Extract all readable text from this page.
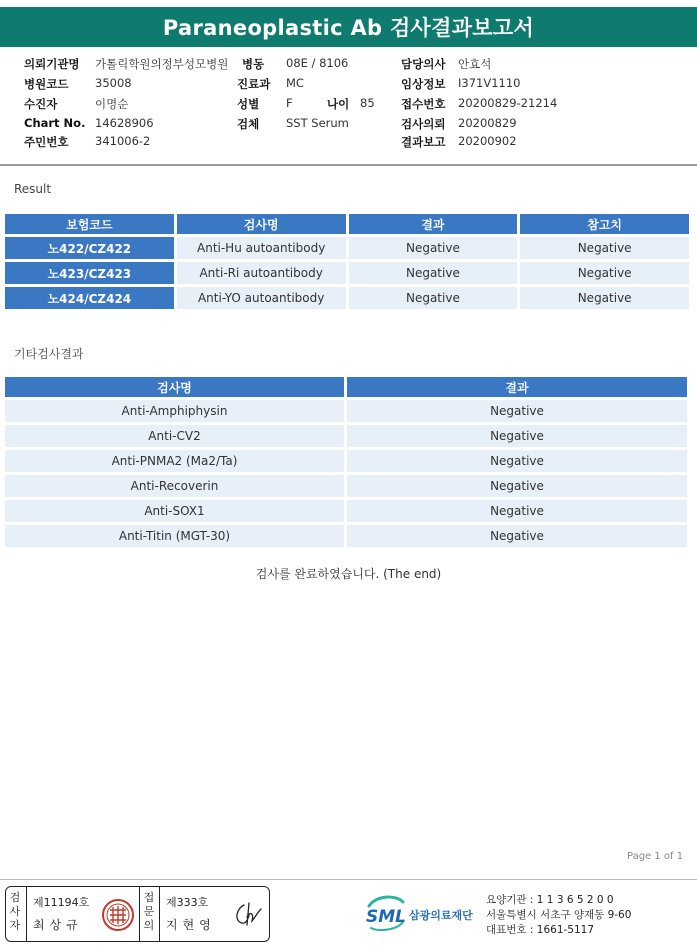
Paraneoplastic Ab 검사결과보고서
의뢰기관명 가톨릭학원의정부성모병원 병동 08E / 8106	담당의사 안효석
병원코드 35008	진료과 MC	임상정보 I371V1110
수진자	이명순	성별 F	나이 85 접수번호 20200829-21214
Chart No. 14628906	검체 SST Serum	검사의뢰 20200829
주민번호 341006-2	결과보고 20200902
Result
보험코드	검사명	결과	참고치
노422/CZ422	Anti-Hu autoantibody	Negative	Negative
노423/CZ423	Anti-Ri autoantibody	Negative	Negative
노424/CZ424	Anti-YO autoantibody	Negative	Negative
기타검사결과
검사명	결과
Anti-Amphiphysin	Negative
Anti-CV2	Negative
Anti-PNMA2 (Ma2/Ta)	Negative
Anti-Recoverin	Negative
Anti-SOX1	Negative
Anti-Titin (MGT-30)	Negative
검사를 완료하였습니다. (The end)
Page 1 of 1
검사자
제11194호
최상규
접문의
제333호
지현영	SML 삼광의료재단
요양기관 : 1 1 3 6 5 2 0 0
서울특별시 서초구 양재동 9-60
대표번호 : 1661-5117
